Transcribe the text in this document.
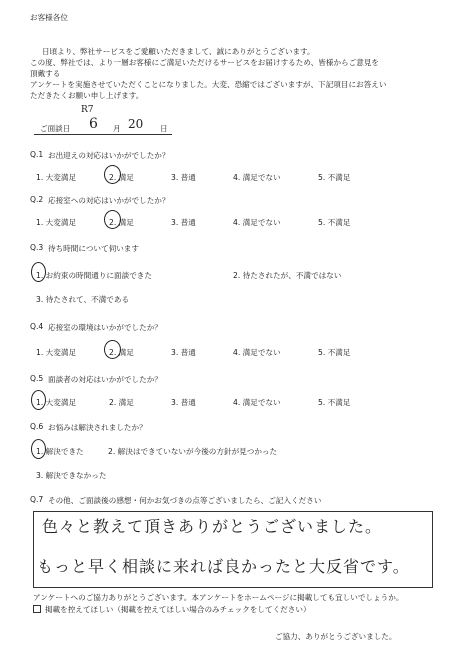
お客様各位
日頃より、弊社サービスをご愛顧いただきまして、誠にありがとうございます。
この度、弊社では、より一層お客様にご満足いただけるサービスをお届けするため、皆様からご意見を
頂戴する
アンケートを実施させていただくことになりました。大変、恐縮ではございますが、下記項目にお答えい
ただきたくお願い申し上げます。
ご面談日
R7
6 月 20 日
Q.1 お出迎えの対応はいかがでしたか？
1. 大変満足	2. 満足	3. 普通	4. 満足でない	5. 不満足
Q.2 応接室への対応はいかがでしたか？
1. 大変満足	2. 満足	3. 普通	4. 満足でない	5. 不満足
Q.3 待ち時間について伺います
1. お約束の時間通りに面談できた	2. 待たされたが、不満ではない
3. 待たされて、不満である
Q.4 応接室の環境はいかがでしたか？
1. 大変満足	2. 満足	3. 普通	4. 満足でない	5. 不満足
Q.5 面談者の対応はいかがでしたか？
1. 大変満足	2. 満足	3. 普通	4. 満足でない	5. 不満足
Q.6 お悩みは解決されましたか？
1. 解決できた	2. 解決はできていないが今後の方針が見つかった
3. 解決できなかった
Q.7 その他、ご面談後の感想・何かお気づきの点等ございましたら、ご記入ください
色々と教えて頂きありがとうございました。
もっと早く相談に来れば良かったと大反省です。
アンケートへのご協力ありがとうございます。本アンケートをホームページに掲載しても宜しいでしょうか。
掲載を控えてほしい（掲載を控えてほしい場合のみチェックをしてください）
ご協力、ありがとうございました。
